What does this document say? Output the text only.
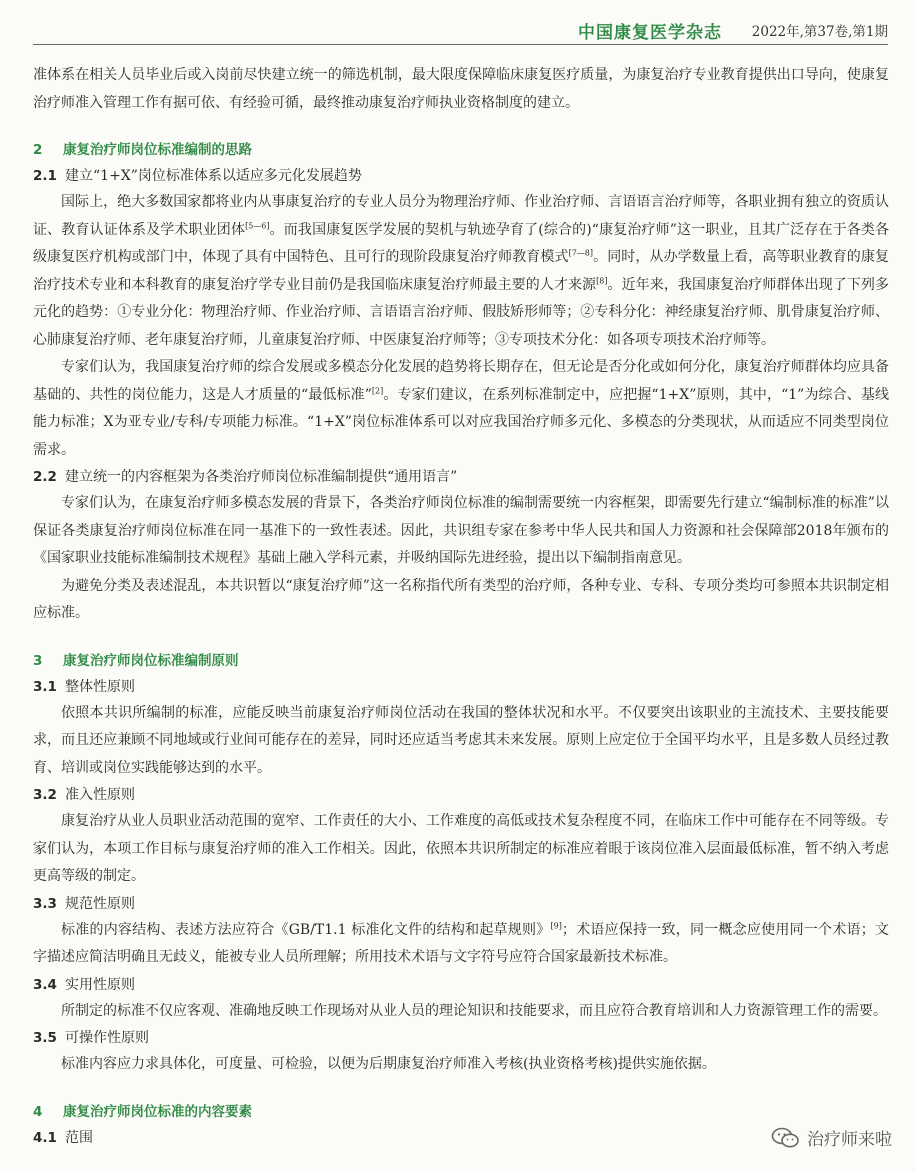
中国康复医学杂志 2022年,第37卷,第1期

准体系在相关人员毕业后或入岗前尽快建立统一的筛选机制，最大限度保障临床康复医疗质量，为康复治疗专业教育提供出口导向，使康复治疗师准入管理工作有据可依、有经验可循，最终推动康复治疗师执业资格制度的建立。

2 康复治疗师岗位标准编制的思路
2.1 建立“1+X”岗位标准体系以适应多元化发展趋势

国际上，绝大多数国家都将业内从事康复治疗的专业人员分为物理治疗师、作业治疗师、言语语言治疗师等，各职业拥有独立的资质认证、教育认证体系及学术职业团体[5—6]。而我国康复医学发展的契机与轨迹孕育了(综合的)“康复治疗师”这一职业，且其广泛存在于各类各级康复医疗机构或部门中，体现了具有中国特色、且可行的现阶段康复治疗师教育模式[7—8]。同时，从办学数量上看，高等职业教育的康复治疗技术专业和本科教育的康复治疗学专业目前仍是我国临床康复治疗师最主要的人才来源[8]。近年来，我国康复治疗师群体出现了下列多元化的趋势：①专业分化：物理治疗师、作业治疗师、言语语言治疗师、假肢矫形师等；②专科分化：神经康复治疗师、肌骨康复治疗师、心肺康复治疗师、老年康复治疗师，儿童康复治疗师、中医康复治疗师等；③专项技术分化：如各项专项技术治疗师等。

专家们认为，我国康复治疗师的综合发展或多模态分化发展的趋势将长期存在，但无论是否分化或如何分化，康复治疗师群体均应具备基础的、共性的岗位能力，这是人才质量的“最低标准”[2]。专家们建议，在系列标准制定中，应把握“1+X”原则，其中，“1”为综合、基线能力标准；X为亚专业/专科/专项能力标准。“1+X”岗位标准体系可以对应我国治疗师多元化、多模态的分类现状，从而适应不同类型岗位需求。

2.2 建立统一的内容框架为各类治疗师岗位标准编制提供“通用语言”

专家们认为，在康复治疗师多模态发展的背景下，各类治疗师岗位标准的编制需要统一内容框架，即需要先行建立“编制标准的标准”以保证各类康复治疗师岗位标准在同一基准下的一致性表述。因此，共识组专家在参考中华人民共和国人力资源和社会保障部2018年颁布的《国家职业技能标准编制技术规程》基础上融入学科元素，并吸纳国际先进经验，提出以下编制指南意见。

为避免分类及表述混乱，本共识暂以“康复治疗师”这一名称指代所有类型的治疗师，各种专业、专科、专项分类均可参照本共识制定相应标准。

3 康复治疗师岗位标准编制原则
3.1 整体性原则

依照本共识所编制的标准，应能反映当前康复治疗师岗位活动在我国的整体状况和水平。不仅要突出该职业的主流技术、主要技能要求，而且还应兼顾不同地域或行业间可能存在的差异，同时还应适当考虑其未来发展。原则上应定位于全国平均水平，且是多数人员经过教育、培训或岗位实践能够达到的水平。

3.2 准入性原则

康复治疗从业人员职业活动范围的宽窄、工作责任的大小、工作难度的高低或技术复杂程度不同，在临床工作中可能存在不同等级。专家们认为，本项工作目标与康复治疗师的准入工作相关。因此，依照本共识所制定的标准应着眼于该岗位准入层面最低标准，暂不纳入考虑更高等级的制定。

3.3 规范性原则

标准的内容结构、表述方法应符合《GB/T1.1 标准化文件的结构和起草规则》[9]；术语应保持一致，同一概念应使用同一个术语；文字描述应简洁明确且无歧义，能被专业人员所理解；所用技术术语与文字符号应符合国家最新技术标准。

3.4 实用性原则

所制定的标准不仅应客观、准确地反映工作现场对从业人员的理论知识和技能要求，而且应符合教育培训和人力资源管理工作的需要。

3.5 可操作性原则

标准内容应力求具体化，可度量、可检验，以便为后期康复治疗师准入考核(执业资格考核)提供实施依据。

4 康复治疗师岗位标准的内容要素
4.1 范围	治疗师来啦
